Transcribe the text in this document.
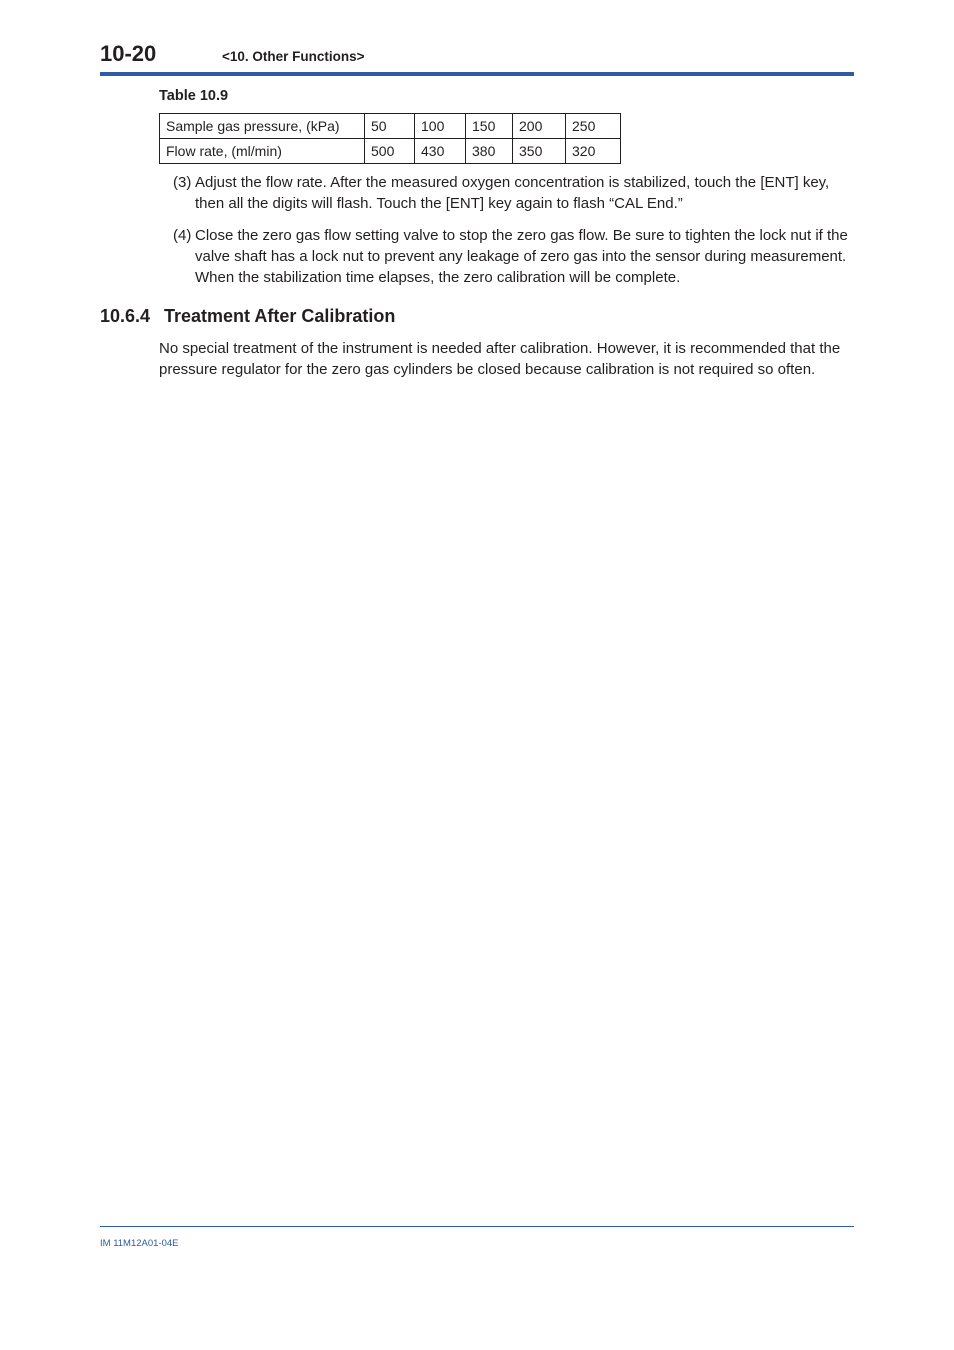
10-20	<10. Other Functions>
Table 10.9
Sample gas pressure, (kPa)	50	100	150	200	250
Flow rate, (ml/min)	500	430	380	350	320
(3) Adjust the flow rate. After the measured oxygen concentration is stabilized, touch the [ENT] key, then all the digits will flash. Touch the [ENT] key again to flash “CAL End.”
(4) Close the zero gas flow setting valve to stop the zero gas flow. Be sure to tighten the lock nut if the valve shaft has a lock nut to prevent any leakage of zero gas into the sensor during measurement. When the stabilization time elapses, the zero calibration will be complete.
10.6.4 Treatment After Calibration
No special treatment of the instrument is needed after calibration. However, it is recommended that the pressure regulator for the zero gas cylinders be closed because calibration is not required so often.
IM 11M12A01-04E
